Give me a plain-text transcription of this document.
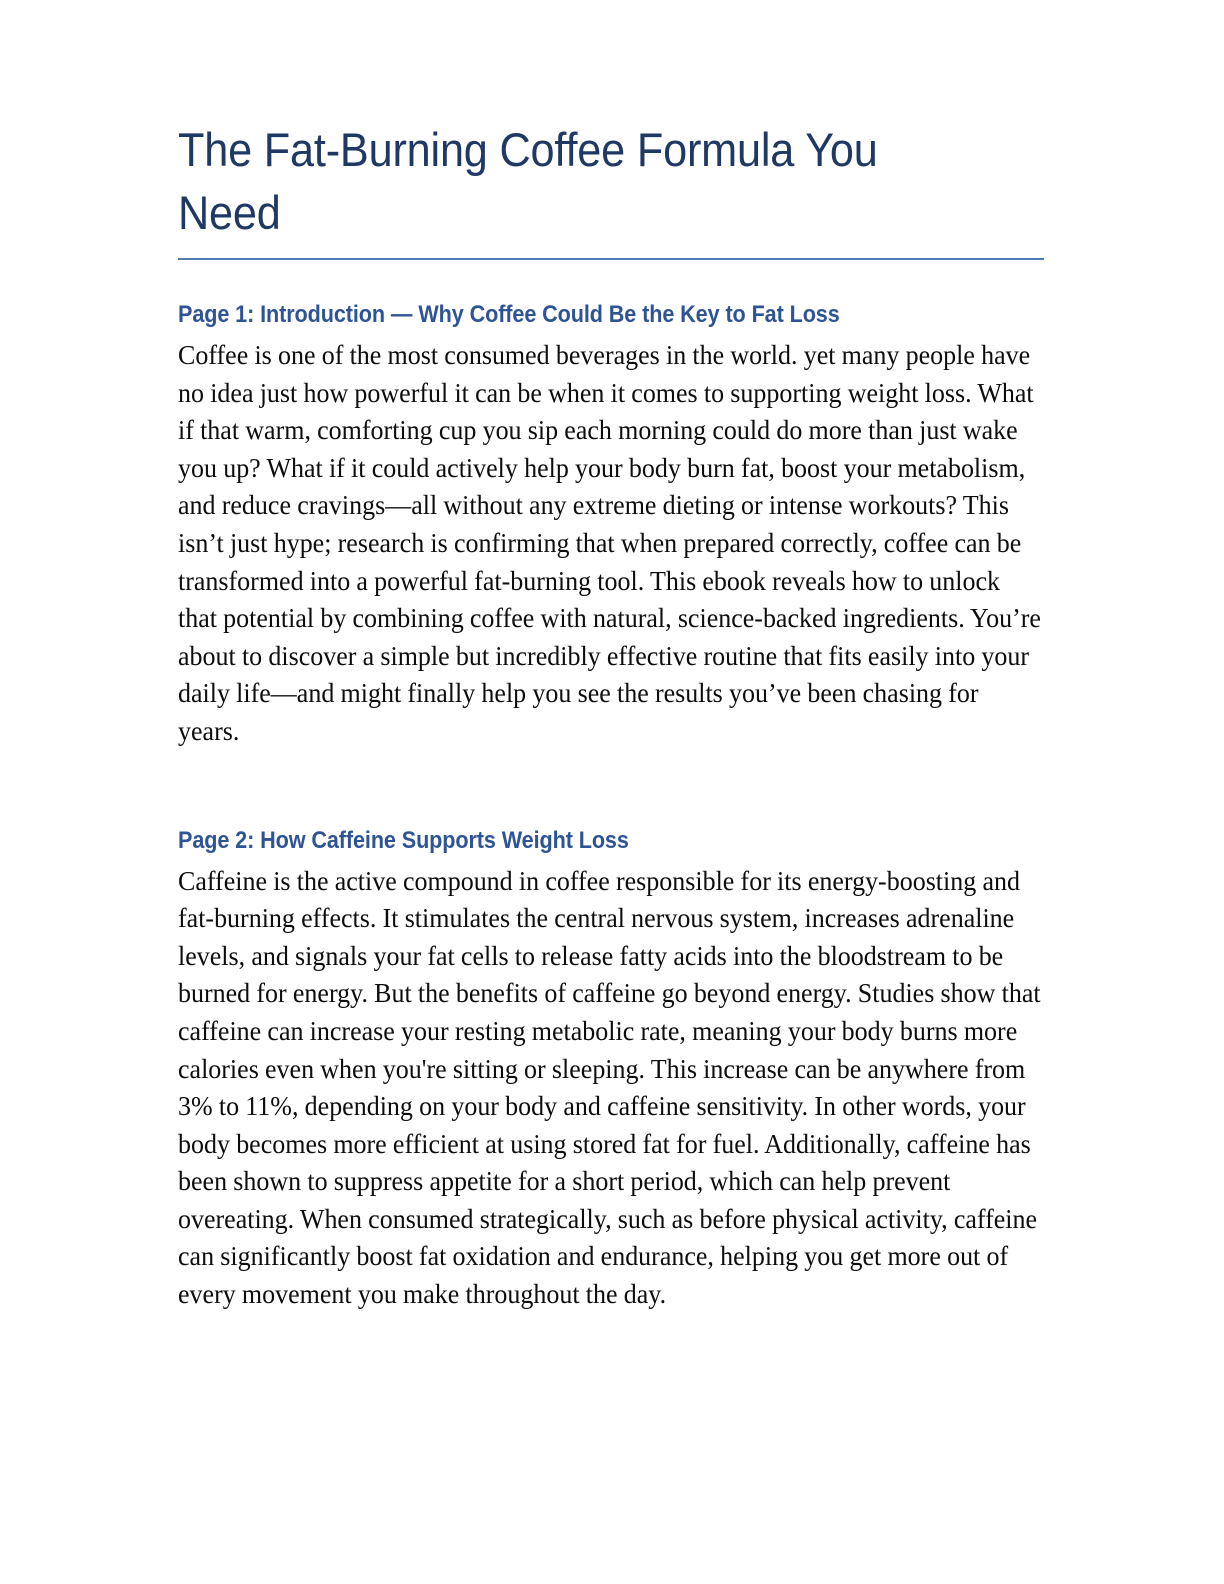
The Fat-Burning Coffee Formula You Need
Page 1: Introduction — Why Coffee Could Be the Key to Fat Loss

Coffee is one of the most consumed beverages in the world. yet many people have no idea just how powerful it can be when it comes to supporting weight loss. What if that warm, comforting cup you sip each morning could do more than just wake you up? What if it could actively help your body burn fat, boost your metabolism, and reduce cravings—all without any extreme dieting or intense workouts? This isn’t just hype; research is confirming that when prepared correctly, coffee can be transformed into a powerful fat-burning tool. This ebook reveals how to unlock that potential by combining coffee with natural, science-backed ingredients. You’re about to discover a simple but incredibly effective routine that fits easily into your daily life—and might finally help you see the results you’ve been chasing for years.

Page 2: How Caffeine Supports Weight Loss

Caffeine is the active compound in coffee responsible for its energy-boosting and fat-burning effects. It stimulates the central nervous system, increases adrenaline levels, and signals your fat cells to release fatty acids into the bloodstream to be burned for energy. But the benefits of caffeine go beyond energy. Studies show that caffeine can increase your resting metabolic rate, meaning your body burns more calories even when you're sitting or sleeping. This increase can be anywhere from 3% to 11%, depending on your body and caffeine sensitivity. In other words, your body becomes more efficient at using stored fat for fuel. Additionally, caffeine has been shown to suppress appetite for a short period, which can help prevent overeating. When consumed strategically, such as before physical activity, caffeine can significantly boost fat oxidation and endurance, helping you get more out of every movement you make throughout the day.
